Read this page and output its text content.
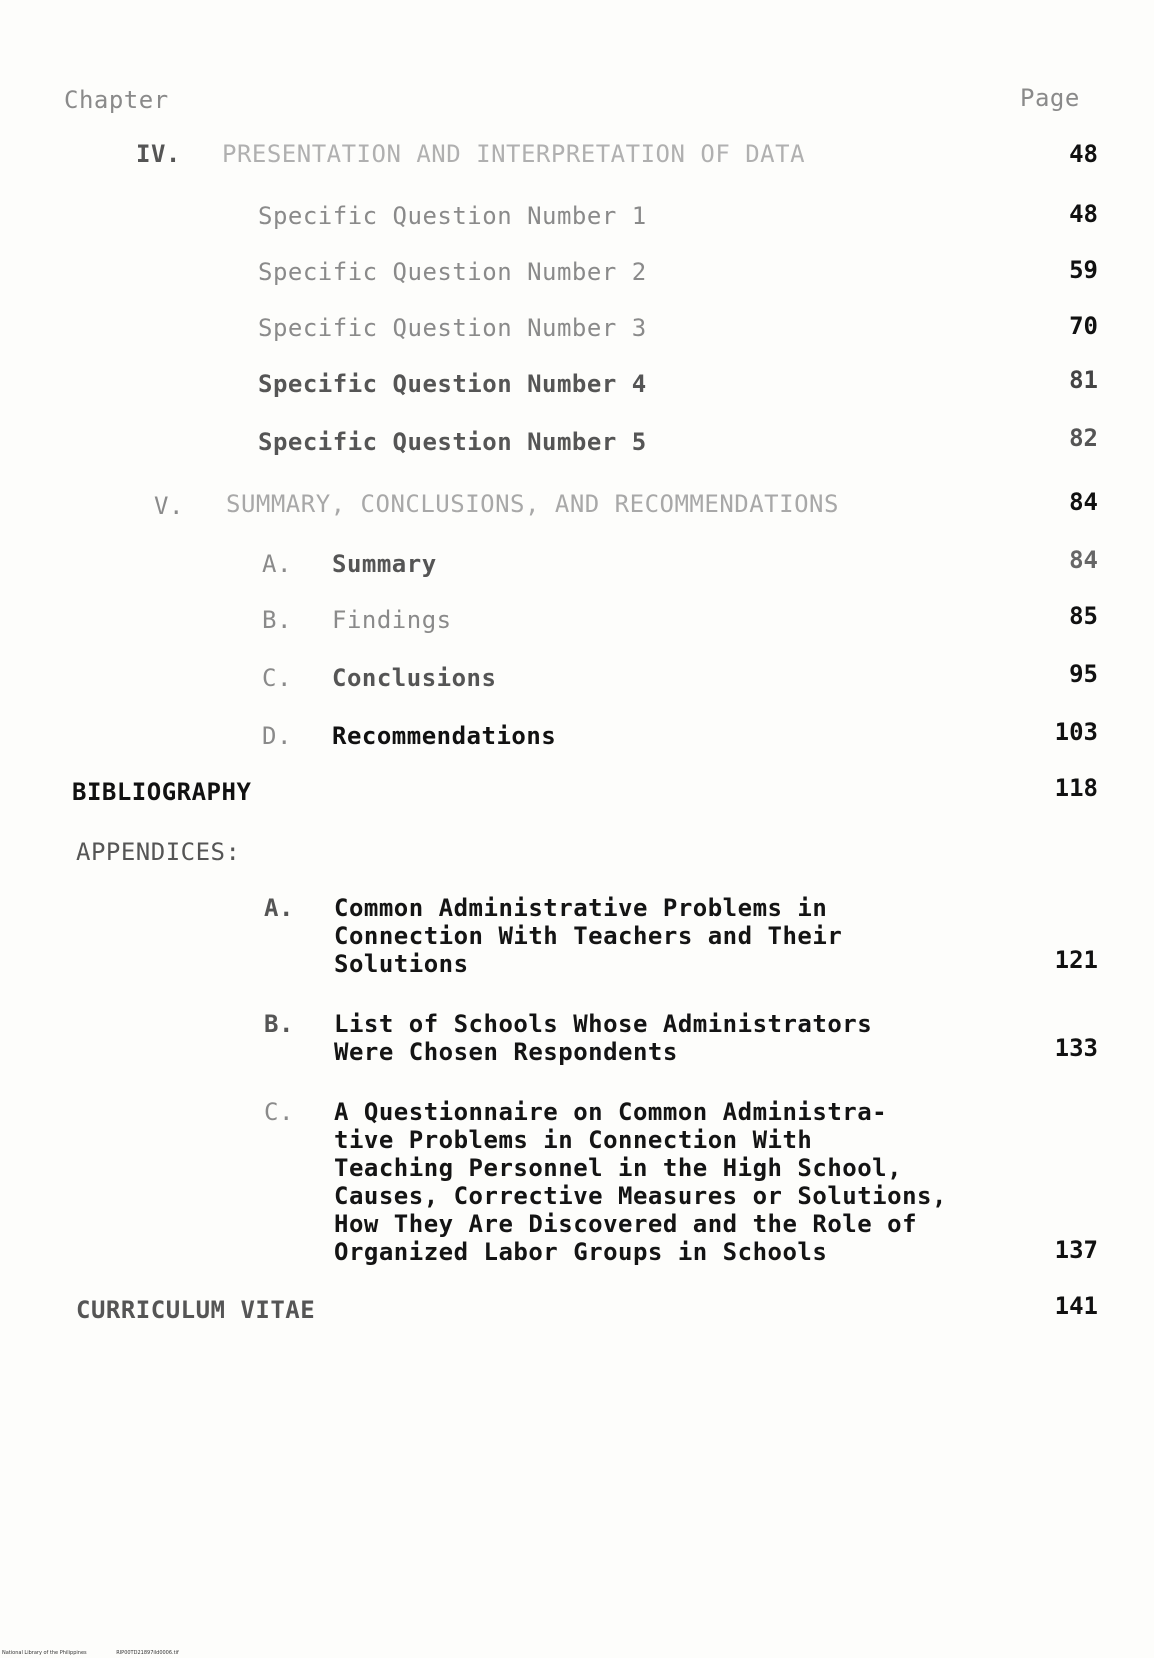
Chapter	Page
IV. PRESENTATION AND INTERPRETATION OF DATA	48
Specific Question Number 1	48
Specific Question Number 2	59
Specific Question Number 3	70
Specific Question Number 4	81
Specific Question Number 5	82
V. SUMMARY, CONCLUSIONS, AND RECOMMENDATIONS	84
A. Summary	84
B. Findings	85
C. Conclusions	95
D. Recommendations	103
BIBLIOGRAPHY	118
APPENDICES:
A. Common Administrative Problems in
Connection With Teachers and Their
Solutions	121
B. List of Schools Whose Administrators
Were Chosen Respondents	133
C. A Questionnaire on Common Administra-
tive Problems in Connection With
Teaching Personnel in the High School,
Causes, Corrective Measures or Solutions,
How They Are Discovered and the Role of
Organized Labor Groups in Schools	137
CURRICULUM VITAE	141
National Library of the Philippines	RIP00TD21897ild0006.tif
